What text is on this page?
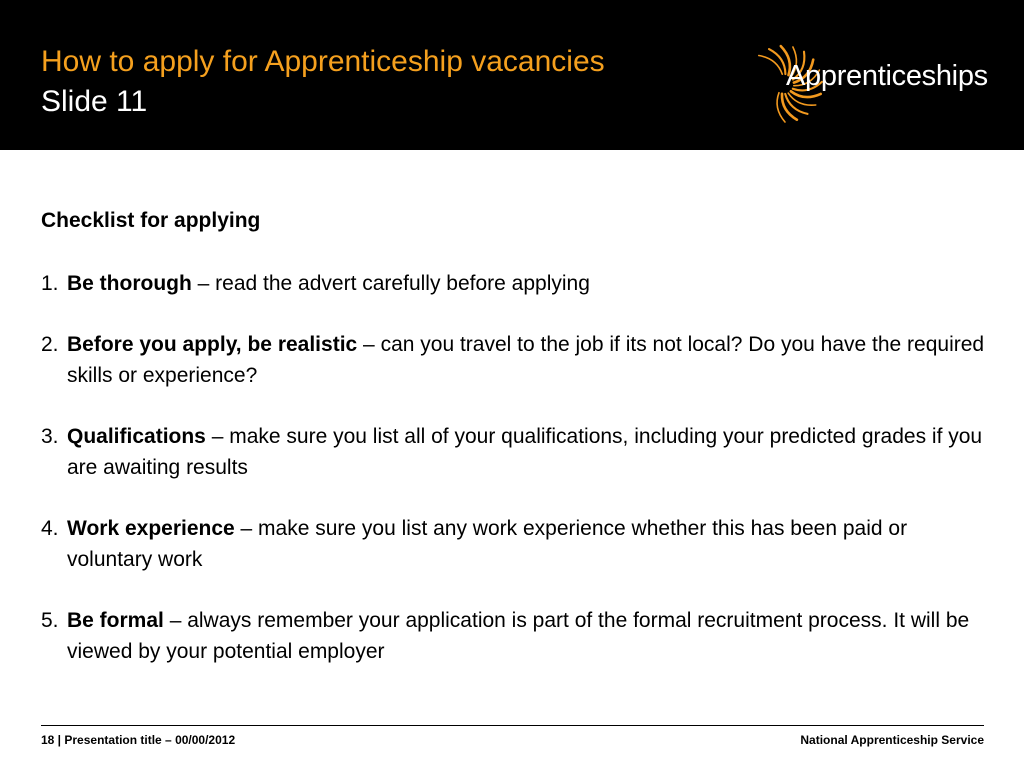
How to apply for Apprenticeship vacancies
Slide 11
Apprenticeships
Checklist for applying
1. Be thorough – read the advert carefully before applying
2. Before you apply, be realistic – can you travel to the job if its not local? Do you have the required skills or experience?
3. Qualifications – make sure you list all of your qualifications, including your predicted grades if you are awaiting results
4. Work experience – make sure you list any work experience whether this has been paid or voluntary work
5. Be formal – always remember your application is part of the formal recruitment process. It will be viewed by your potential employer
18 | Presentation title – 00/00/2012	National Apprenticeship Service
